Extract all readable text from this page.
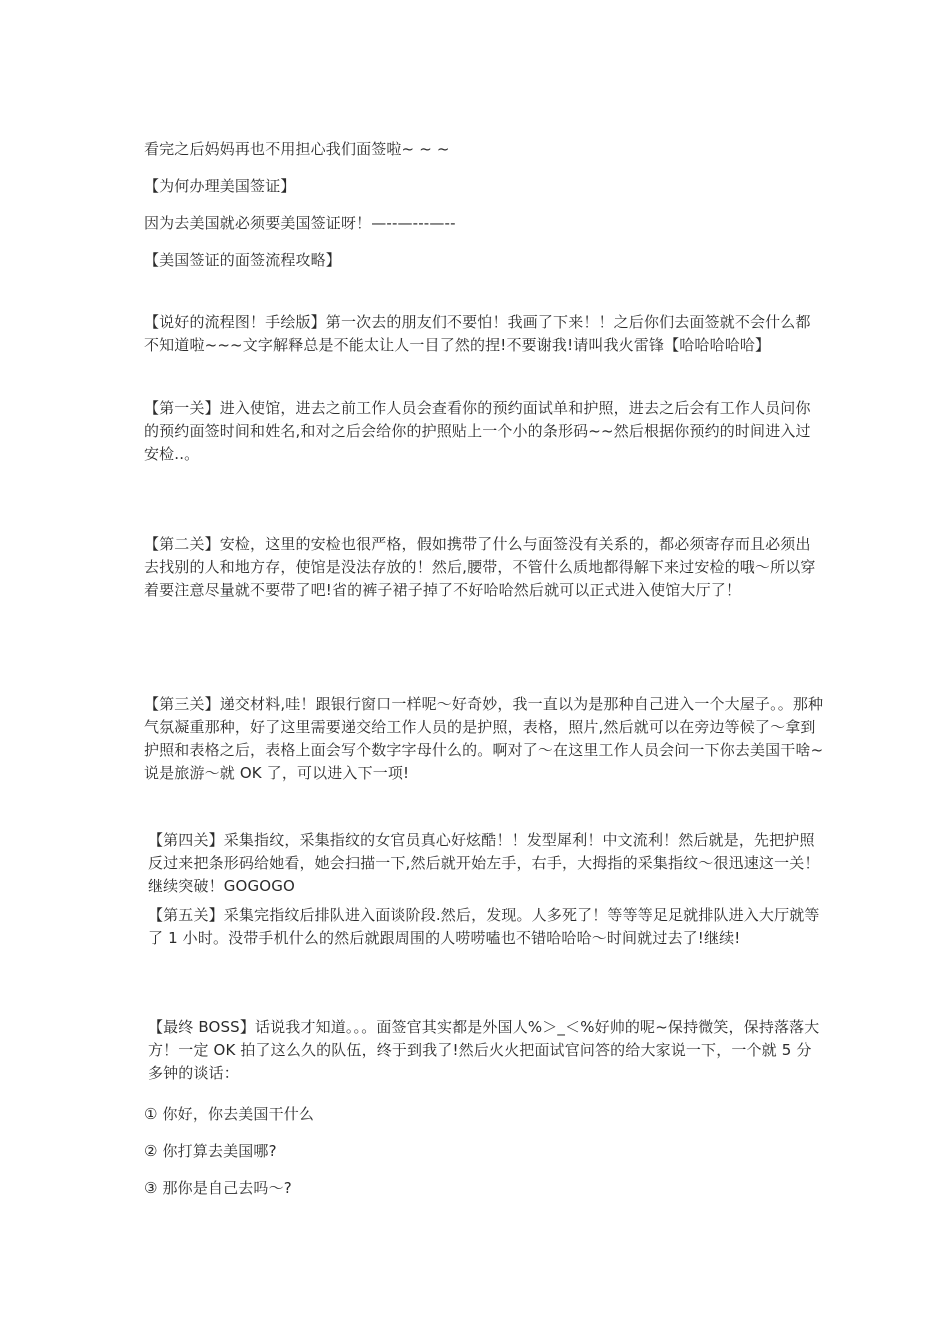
看完之后妈妈再也不用担心我们面签啦~ ~ ~

【为何办理美国签证】

因为去美国就必须要美国签证呀！—--—---—--

【美国签证的面签流程攻略】

【说好的流程图！手绘版】第一次去的朋友们不要怕！我画了下来！！之后你们去面签就不会什么都不知道啦~~~文字解释总是不能太让人一目了然的捏!不要谢我!请叫我火雷锋【哈哈哈哈哈】

【第一关】进入使馆，进去之前工作人员会查看你的预约面试单和护照，进去之后会有工作人员问你的预约面签时间和姓名,和对之后会给你的护照贴上一个小的条形码~~然后根据你预约的时间进入过安检..。

【第二关】安检，这里的安检也很严格，假如携带了什么与面签没有关系的，都必须寄存而且必须出去找别的人和地方存，使馆是没法存放的！然后,腰带，不管什么质地都得解下来过安检的哦～所以穿着要注意尽量就不要带了吧!省的裤子裙子掉了不好哈哈然后就可以正式进入使馆大厅了！

【第三关】递交材料,哇！跟银行窗口一样呢～好奇妙，我一直以为是那种自己进入一个大屋子。。那种气氛凝重那种，好了这里需要递交给工作人员的是护照，表格，照片,然后就可以在旁边等候了～拿到护照和表格之后，表格上面会写个数字字母什么的。啊对了～在这里工作人员会问一下你去美国干啥~说是旅游～就 OK 了，可以进入下一项!

【第四关】采集指纹，采集指纹的女官员真心好炫酷！！发型犀利！中文流利！然后就是，先把护照反过来把条形码给她看，她会扫描一下,然后就开始左手，右手，大拇指的采集指纹～很迅速这一关！继续突破！GOGOGO

【第五关】采集完指纹后排队进入面谈阶段.然后，发现。人多死了！等等等足足就排队进入大厅就等了 1 小时。没带手机什么的然后就跟周围的人唠唠嗑也不错哈哈哈～时间就过去了!继续!

【最终 BOSS】话说我才知道。。。面签官其实都是外国人%＞_＜%好帅的呢~保持微笑，保持落落大方！一定 OK 拍了这么久的队伍，终于到我了!然后火火把面试官问答的给大家说一下，一个就 5 分多钟的谈话：

① 你好，你去美国干什么

② 你打算去美国哪?

③ 那你是自己去吗～?
